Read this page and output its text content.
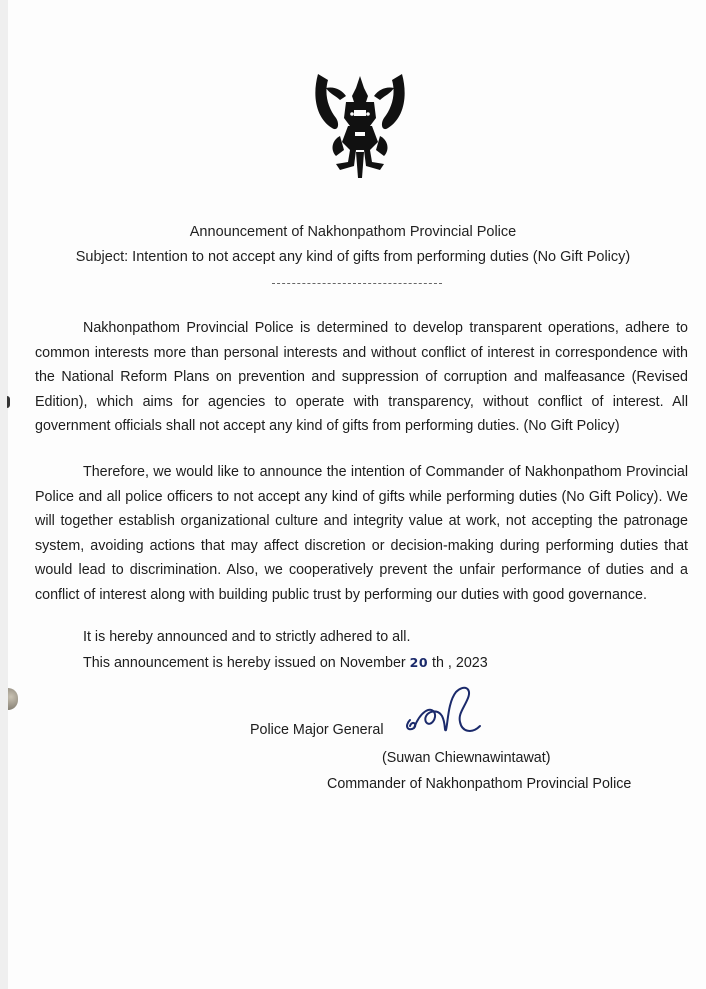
Announcement of Nakhonpathom Provincial Police
Subject: Intention to not accept any kind of gifts from performing duties (No Gift Policy)
Nakhonpathom Provincial Police is determined to develop transparent operations, adhere to common interests more than personal interests and without conflict of interest in correspondence with the National Reform Plans on prevention and suppression of corruption and malfeasance (Revised Edition), which aims for agencies to operate with transparency, without conflict of interest. All government officials shall not accept any kind of gifts from performing duties. (No Gift Policy)
Therefore, we would like to announce the intention of Commander of Nakhonpathom Provincial Police and all police officers to not accept any kind of gifts while performing duties (No Gift Policy). We will together establish organizational culture and integrity value at work, not accepting the patronage system, avoiding actions that may affect discretion or decision-making during performing duties that would lead to discrimination. Also, we cooperatively prevent the unfair performance of duties and a conflict of interest along with building public trust by performing our duties with good governance.
It is hereby announced and to strictly adhered to all.
This announcement is hereby issued on November 20 th , 2023
Police Major General
(Suwan Chiewnawintawat)
Commander of Nakhonpathom Provincial Police
